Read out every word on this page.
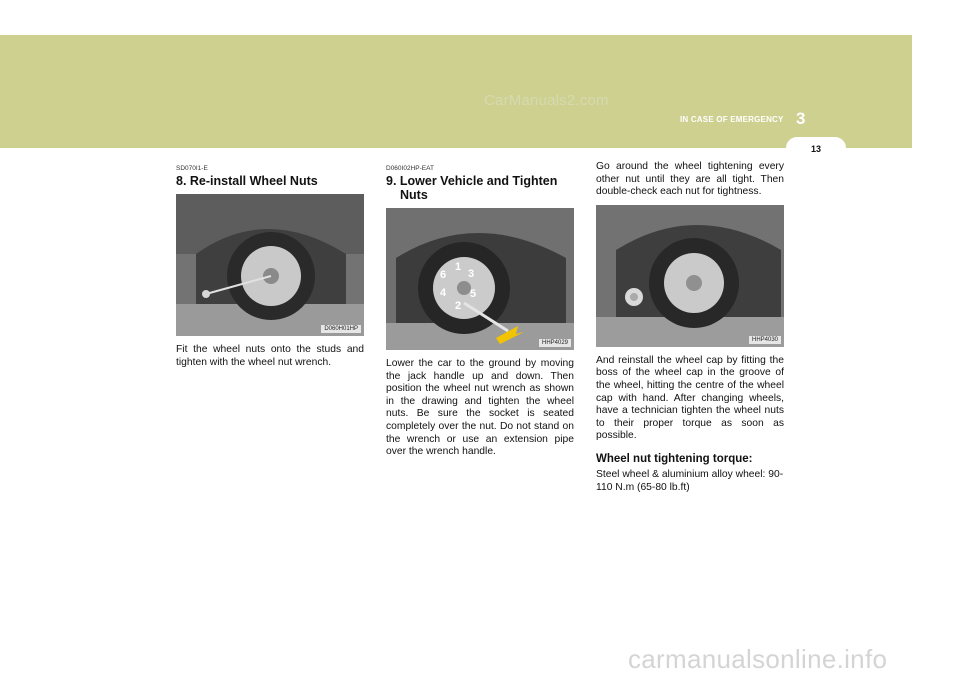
CarManuals2.com
IN CASE OF EMERGENCY 3
13

SD070I1-E

8. Re-install Wheel Nuts
D060H01HP

Fit the wheel nuts onto the studs and tighten with the wheel nut wrench.

D060I02HP-EAT

9. Lower Vehicle and Tighten
Nuts
1
2
3
4 5
6
HHP4029

Lower the car to the ground by moving the jack handle up and down. Then position the wheel nut wrench as shown in the drawing and tighten the wheel nuts. Be sure the socket is seated completely over the nut. Do not stand on the wrench or use an extension pipe over the wrench handle.

Go around the wheel tightening every other nut until they are all tight. Then double-check each nut for tightness.

HHP4030

And reinstall the wheel cap by fitting the boss of the wheel cap in the groove of the wheel, hitting the centre of the wheel cap with hand. After changing wheels, have a technician tighten the wheel nuts to their proper torque as soon as possible.

Wheel nut tightening torque:

Steel wheel & aluminium alloy wheel: 90-110 N.m (65-80 lb.ft)

carmanualsonline.info
